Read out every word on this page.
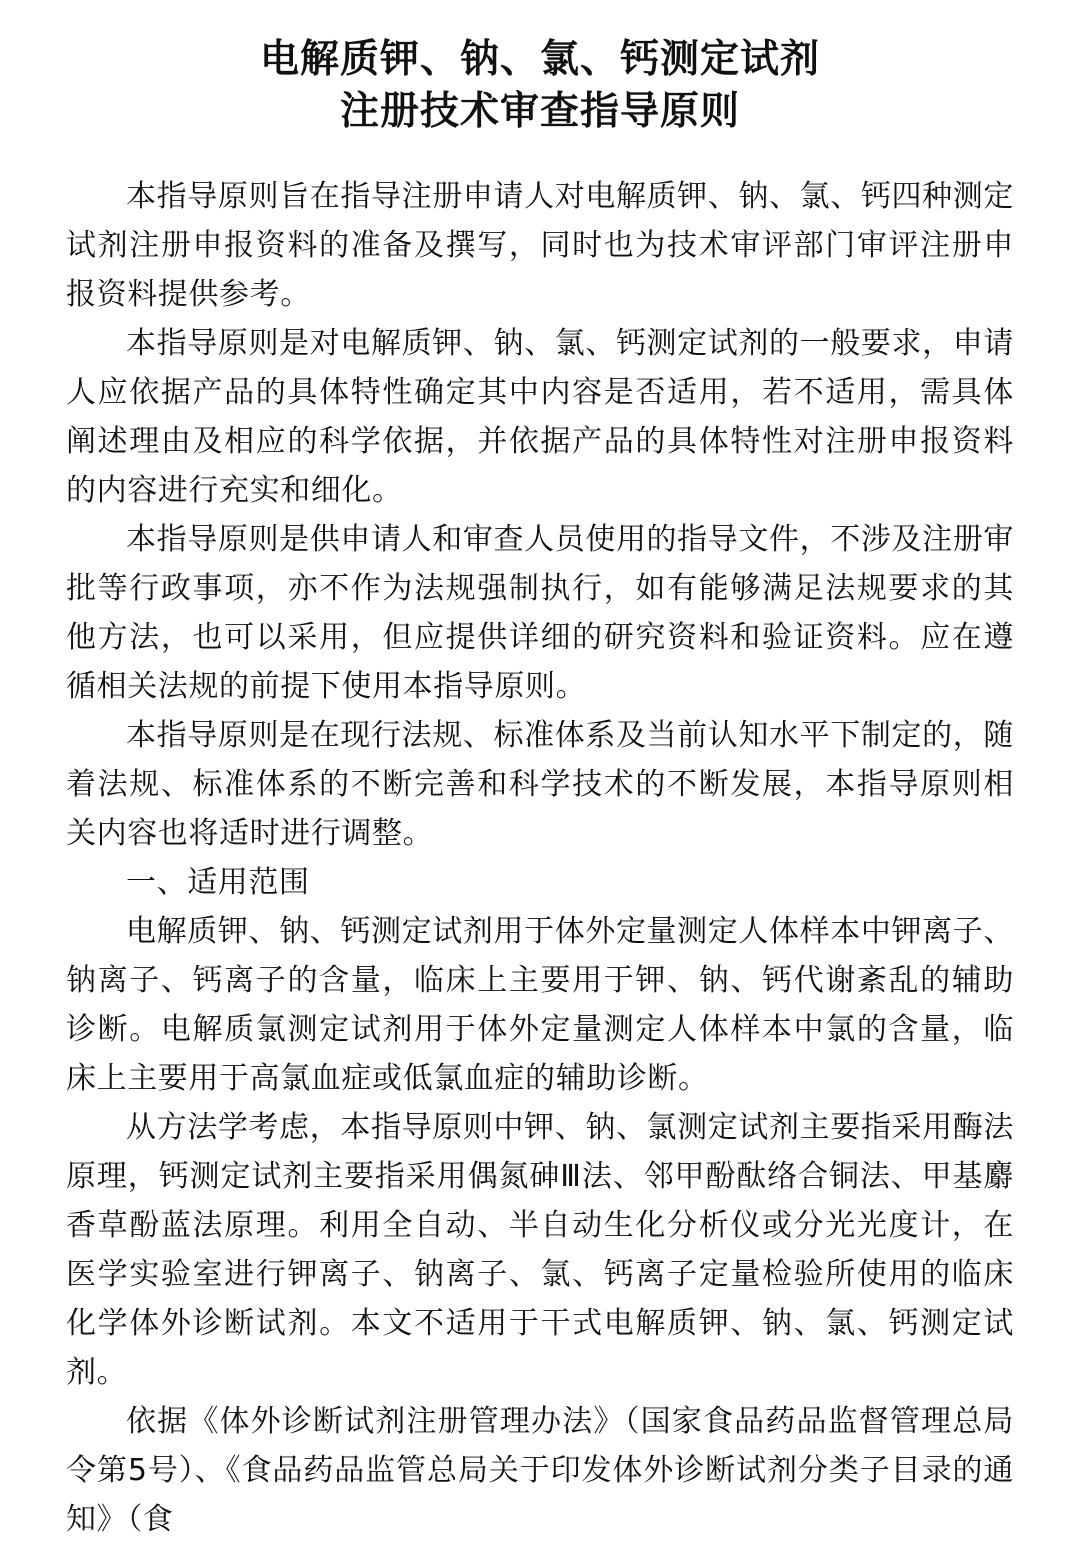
电解质钾、钠、氯、钙测定试剂
注册技术审查指导原则

本指导原则旨在指导注册申请人对电解质钾、钠、氯、钙四种测定试剂注册申报资料的准备及撰写，同时也为技术审评部门审评注册申报资料提供参考。

本指导原则是对电解质钾、钠、氯、钙测定试剂的一般要求，申请人应依据产品的具体特性确定其中内容是否适用，若不适用，需具体阐述理由及相应的科学依据，并依据产品的具体特性对注册申报资料的内容进行充实和细化。

本指导原则是供申请人和审查人员使用的指导文件，不涉及注册审批等行政事项，亦不作为法规强制执行，如有能够满足法规要求的其他方法，也可以采用，但应提供详细的研究资料和验证资料。应在遵循相关法规的前提下使用本指导原则。

本指导原则是在现行法规、标准体系及当前认知水平下制定的，随着法规、标准体系的不断完善和科学技术的不断发展，本指导原则相关内容也将适时进行调整。

一、适用范围

电解质钾、钠、钙测定试剂用于体外定量测定人体样本中钾离子、钠离子、钙离子的含量，临床上主要用于钾、钠、钙代谢紊乱的辅助诊断。电解质氯测定试剂用于体外定量测定人体样本中氯的含量，临床上主要用于高氯血症或低氯血症的辅助诊断。

从方法学考虑，本指导原则中钾、钠、氯测定试剂主要指采用酶法原理，钙测定试剂主要指采用偶氮砷Ⅲ法、邻甲酚酞络合铜法、甲基麝香草酚蓝法原理。利用全自动、半自动生化分析仪或分光光度计，在医学实验室进行钾离子、钠离子、氯、钙离子定量检验所使用的临床化学体外诊断试剂。本文不适用于干式电解质钾、钠、氯、钙测定试剂。

依据《体外诊断试剂注册管理办法》（国家食品药品监督管理总局令第5号）、《食品药品监管总局关于印发体外诊断试剂分类子目录的通知》（食
